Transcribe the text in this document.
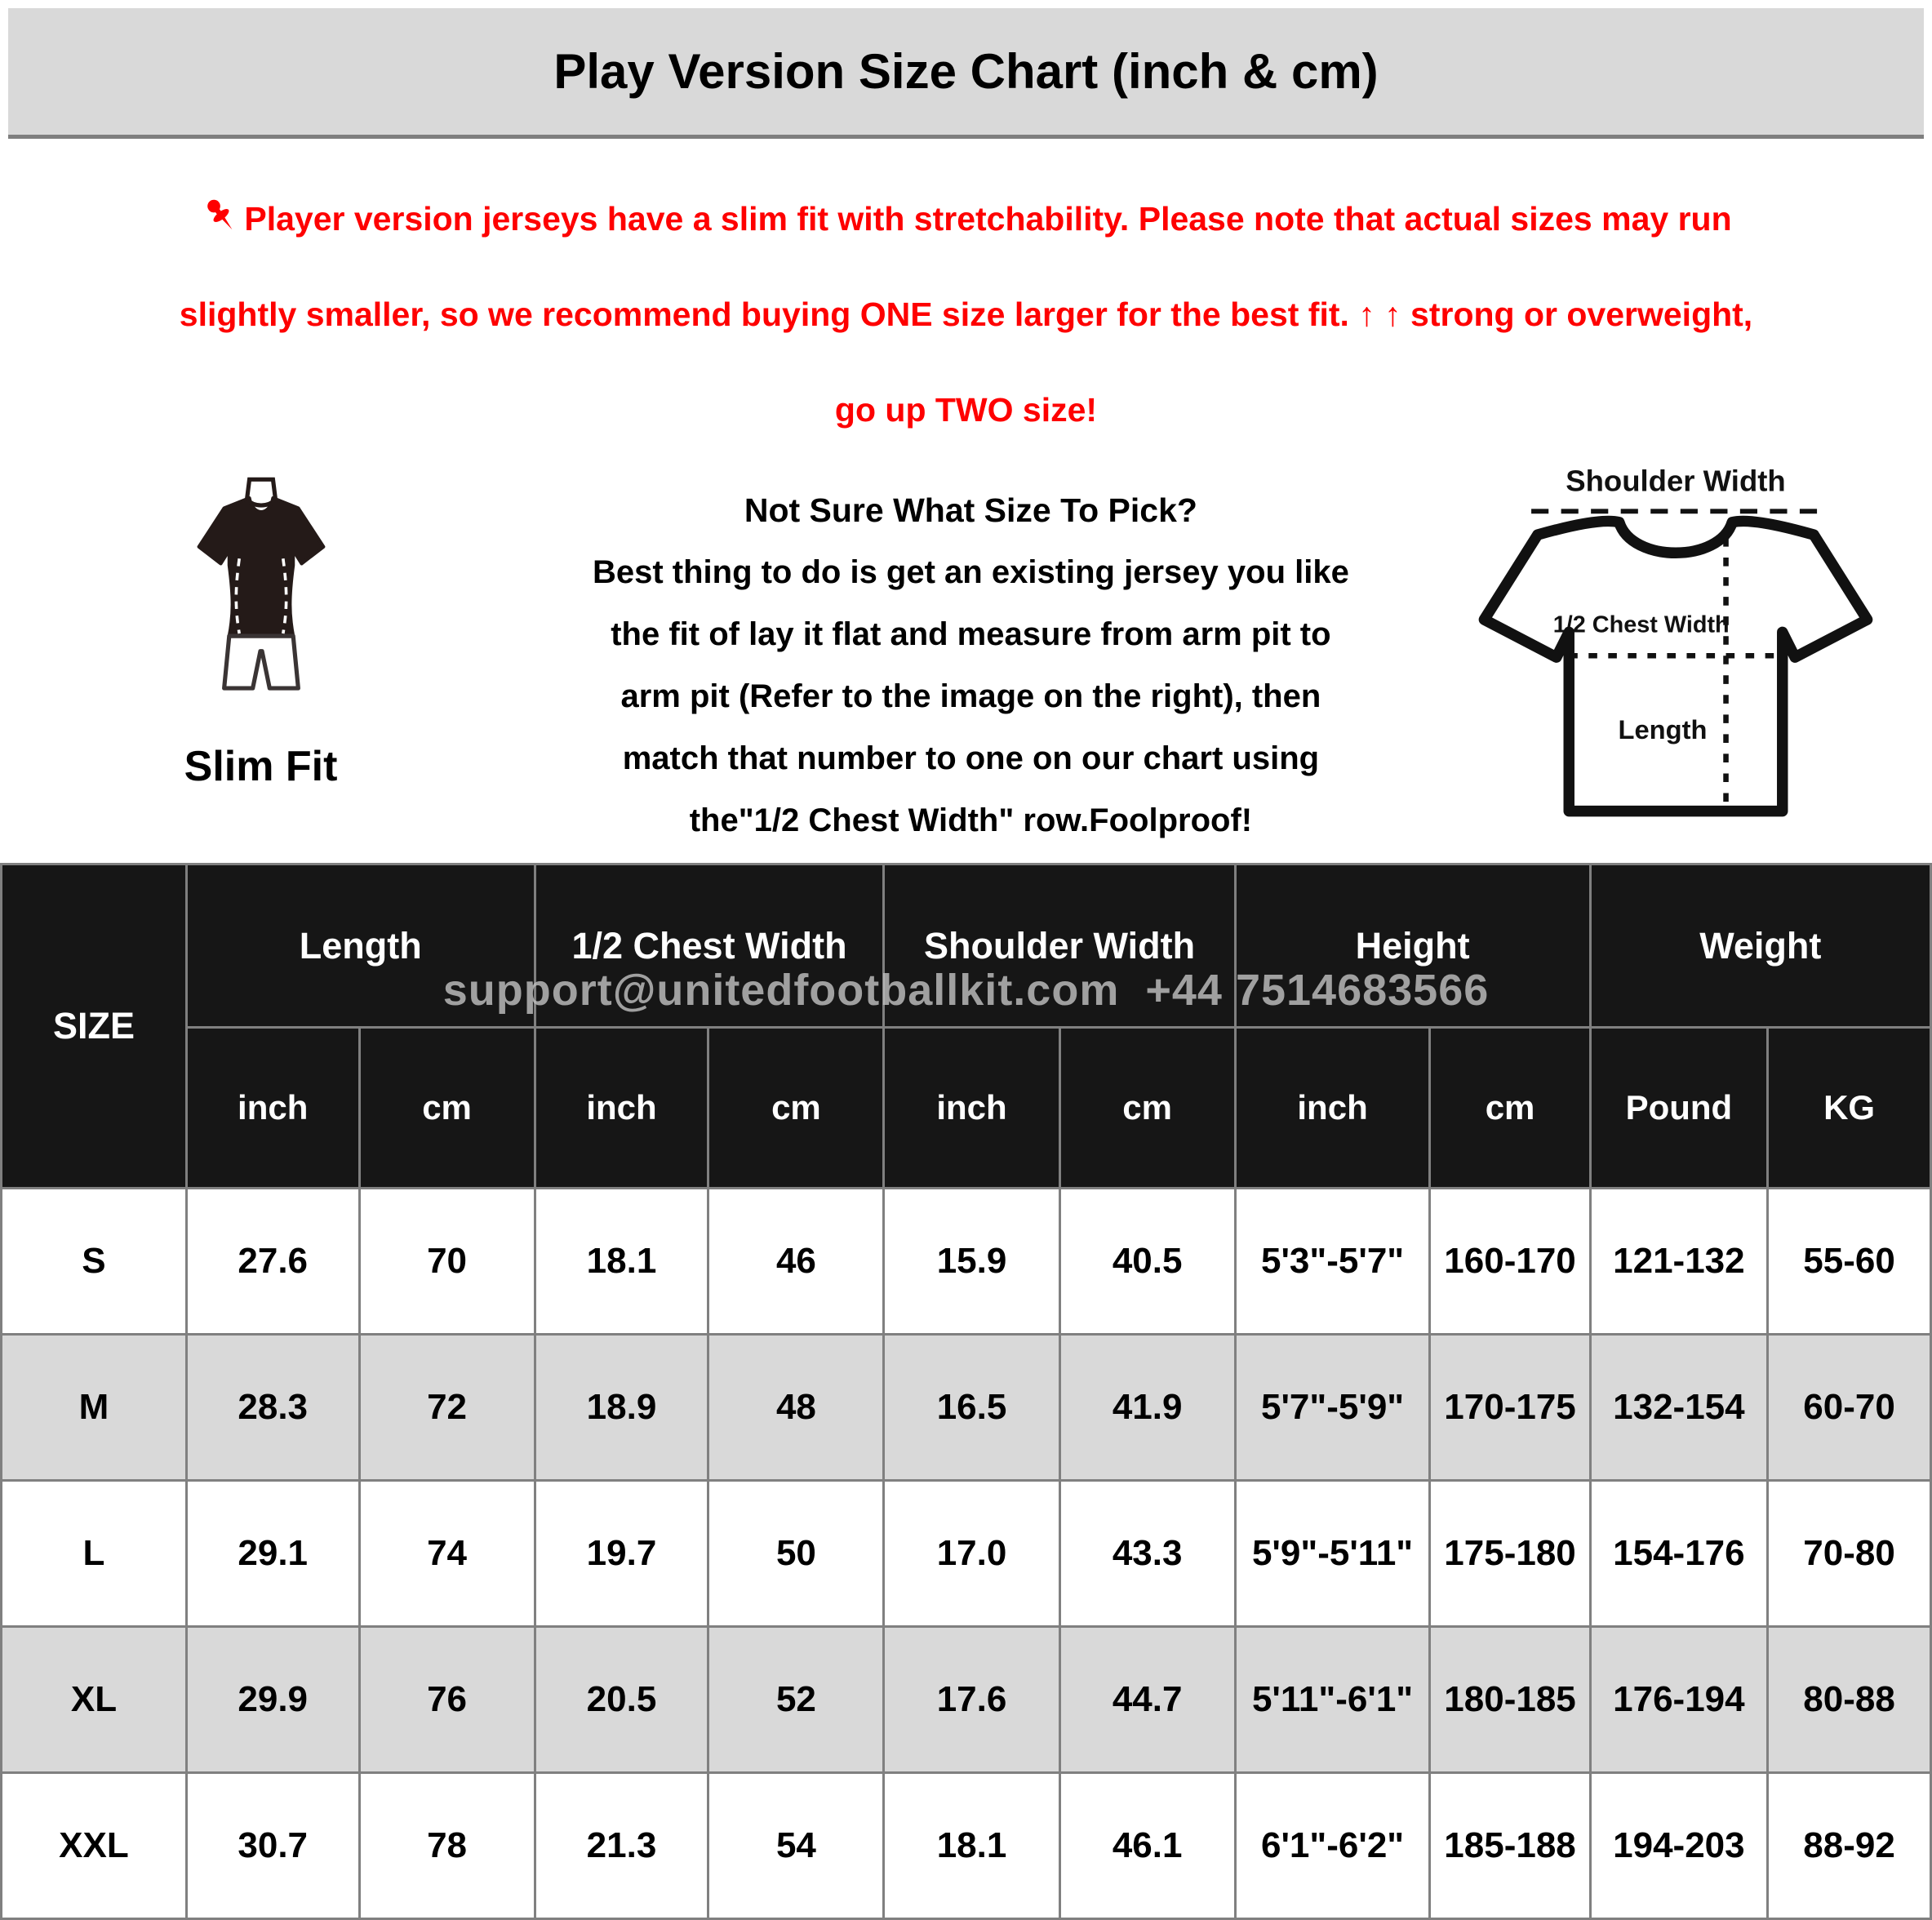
Play Version Size Chart (inch & cm)
Player version jerseys have a slim fit with stretchability. Please note that actual sizes may run
slightly smaller, so we recommend buying ONE size larger for the best fit. ↑ ↑ strong or overweight,
go up TWO size!
Slim Fit
Not Sure What Size To Pick?
Best thing to do is get an existing jersey you like
the fit of lay it flat and measure from arm pit to
arm pit (Refer to the image on the right), then
match that number to one on our chart using
the"1/2 Chest Width" row.Foolproof!
Shoulder Width
1/2 Chest Width
Length
support@unitedfootballkit.com  +44 7514683566
SIZE	Length		1/2 Chest Width		Shoulder Width		Height		Weight	
	inch	cm	inch	cm	inch	cm	inch	cm	Pound	KG
S	27.6	70	18.1	46	15.9	40.5	5'3"-5'7"	160-170	121-132	55-60
M	28.3	72	18.9	48	16.5	41.9	5'7"-5'9"	170-175	132-154	60-70
L	29.1	74	19.7	50	17.0	43.3	5'9"-5'11"	175-180	154-176	70-80
XL	29.9	76	20.5	52	17.6	44.7	5'11"-6'1"	180-185	176-194	80-88
XXL	30.7	78	21.3	54	18.1	46.1	6'1"-6'2"	185-188	194-203	88-92
